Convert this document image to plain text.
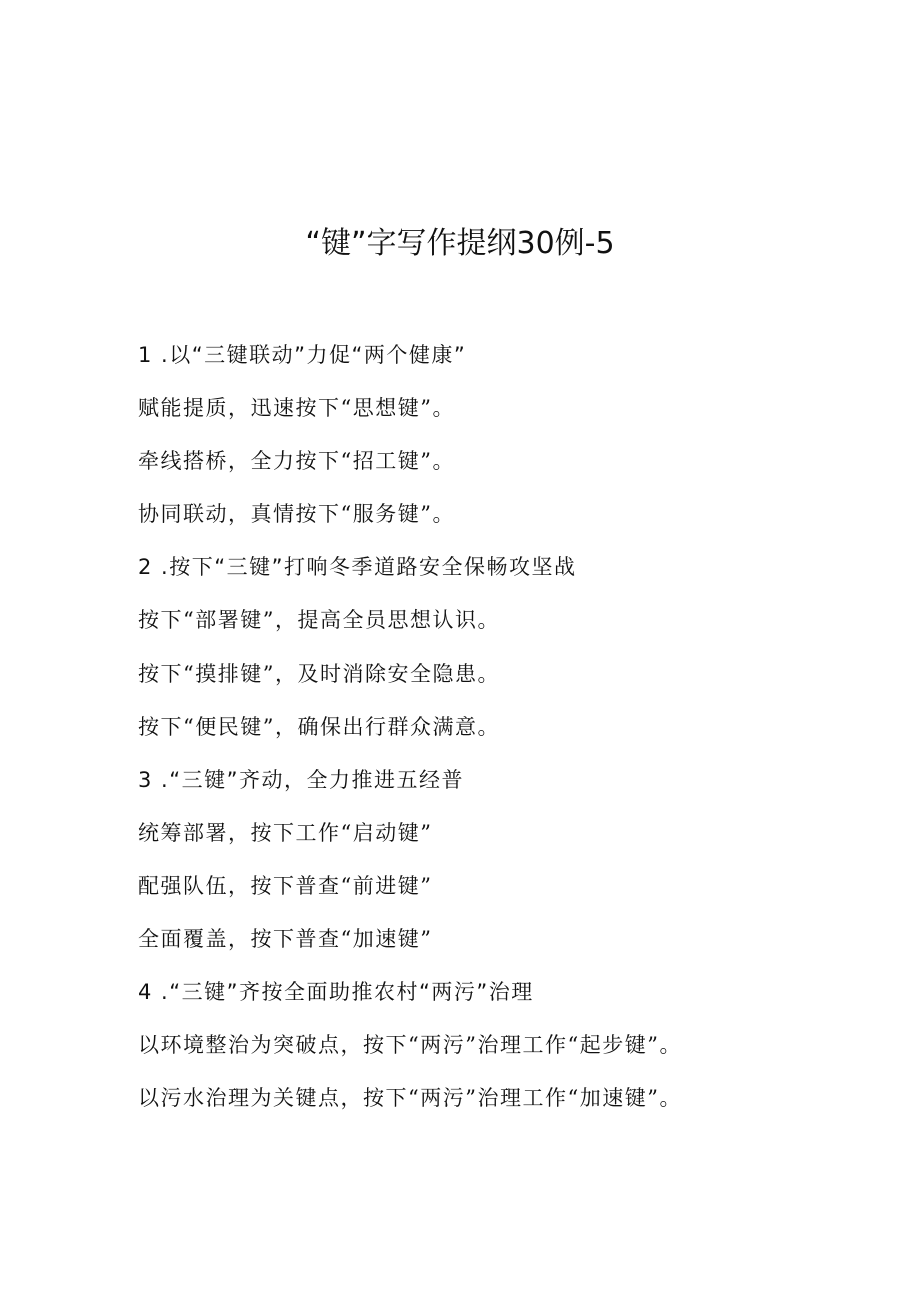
“键”字写作提纲30例-5
1 .以“三键联动”力促“两个健康”
赋能提质，迅速按下“思想键”。
牵线搭桥，全力按下“招工键”。
协同联动，真情按下“服务键”。
2 .按下“三键”打响冬季道路安全保畅攻坚战
按下“部署键”，提高全员思想认识。
按下“摸排键”，及时消除安全隐患。
按下“便民键”，确保出行群众满意。
3 .“三键”齐动，全力推进五经普
统筹部署，按下工作“启动键”
配强队伍，按下普查“前进键”
全面覆盖，按下普查“加速键”
4 .“三键”齐按全面助推农村“两污”治理
以环境整治为突破点，按下“两污”治理工作“起步键”。
以污水治理为关键点，按下“两污”治理工作“加速键”。
